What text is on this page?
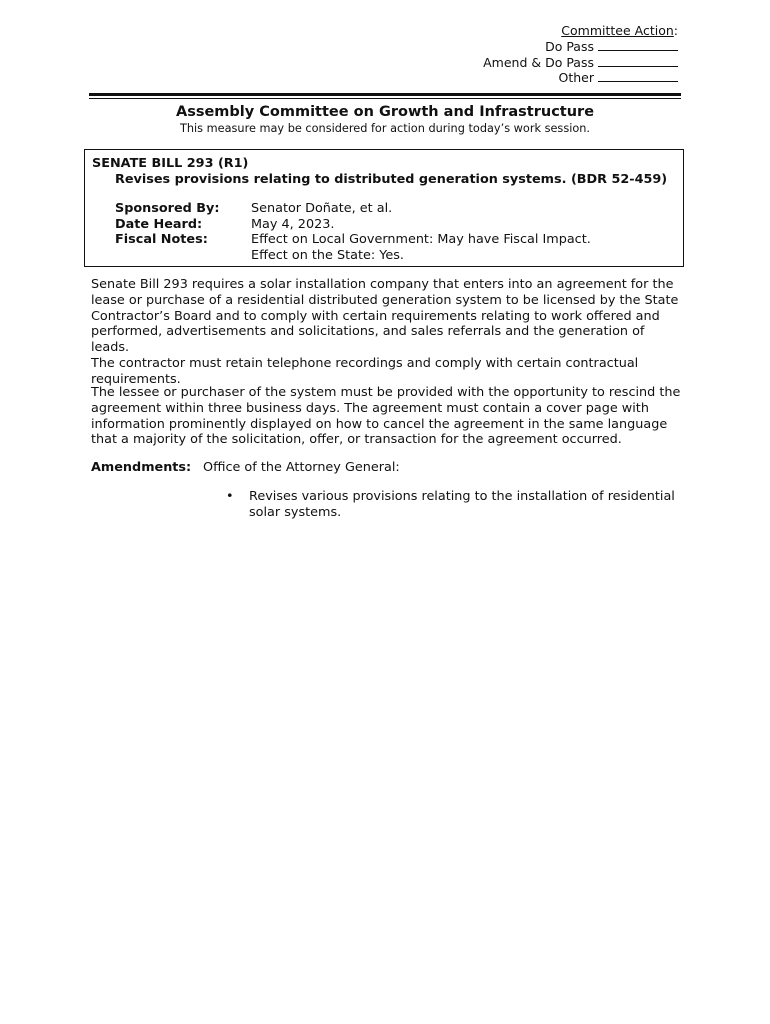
Committee Action:
Do Pass
Amend & Do Pass
Other
Assembly Committee on Growth and Infrastructure
This measure may be considered for action during today’s work session.
SENATE BILL 293 (R1)
Revises provisions relating to distributed generation systems. (BDR 52-459)
Sponsored By: Senator Doñate, et al.
Date Heard:	May 4, 2023.
Fiscal Notes:	Effect on Local Government: May have Fiscal Impact.
Effect on the State: Yes.
Senate Bill 293 requires a solar installation company that enters into an agreement for the
lease or purchase of a residential distributed generation system to be licensed by the State
Contractor’s Board and to comply with certain requirements relating to work offered and
performed, advertisements and solicitations, and sales referrals and the generation of leads.
The contractor must retain telephone recordings and comply with certain contractual
requirements.
The lessee or purchaser of the system must be provided with the opportunity to rescind the
agreement within three business days. The agreement must contain a cover page with
information prominently displayed on how to cancel the agreement in the same language
that a majority of the solicitation, offer, or transaction for the agreement occurred.
Amendments: Office of the Attorney General:
• Revises various provisions relating to the installation of residential
solar systems.
